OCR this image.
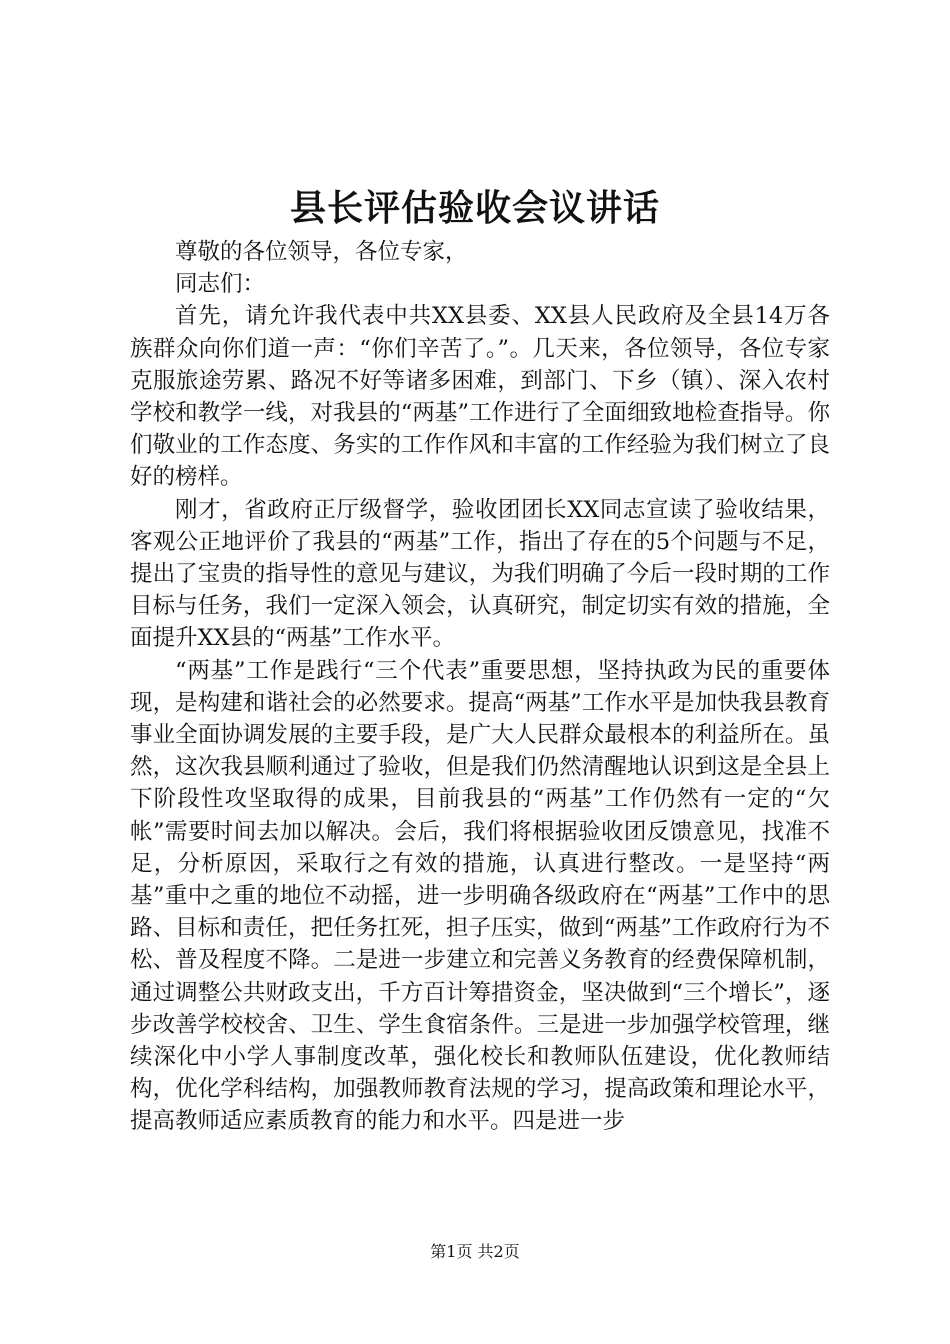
县长评估验收会议讲话

尊敬的各位领导，各位专家，

同志们：

首先，请允许我代表中共XX县委、XX县人民政府及全县14万各族群众向你们道一声：“你们辛苦了。”。几天来，各位领导，各位专家克服旅途劳累、路况不好等诸多困难，到部门、下乡（镇）、深入农村学校和教学一线，对我县的“两基”工作进行了全面细致地检查指导。你们敬业的工作态度、务实的工作作风和丰富的工作经验为我们树立了良好的榜样。

刚才，省政府正厅级督学，验收团团长XX同志宣读了验收结果，客观公正地评价了我县的“两基”工作，指出了存在的5个问题与不足，提出了宝贵的指导性的意见与建议，为我们明确了今后一段时期的工作目标与任务，我们一定深入领会，认真研究，制定切实有效的措施，全面提升XX县的“两基”工作水平。

“两基”工作是践行“三个代表”重要思想，坚持执政为民的重要体现，是构建和谐社会的必然要求。提高“两基”工作水平是加快我县教育事业全面协调发展的主要手段，是广大人民群众最根本的利益所在。虽然，这次我县顺利通过了验收，但是我们仍然清醒地认识到这是全县上下阶段性攻坚取得的成果，目前我县的“两基”工作仍然有一定的“欠帐”需要时间去加以解决。会后，我们将根据验收团反馈意见，找准不足，分析原因，采取行之有效的措施，认真进行整改。一是坚持“两基”重中之重的地位不动摇，进一步明确各级政府在“两基”工作中的思路、目标和责任，把任务扛死，担子压实，做到“两基”工作政府行为不松、普及程度不降。二是进一步建立和完善义务教育的经费保障机制，通过调整公共财政支出，千方百计筹措资金，坚决做到“三个增长”，逐步改善学校校舍、卫生、学生食宿条件。三是进一步加强学校管理，继续深化中小学人事制度改革，强化校长和教师队伍建设，优化教师结构，优化学科结构，加强教师教育法规的学习，提高政策和理论水平，提高教师适应素质教育的能力和水平。四是进一步

第1页 共2页
